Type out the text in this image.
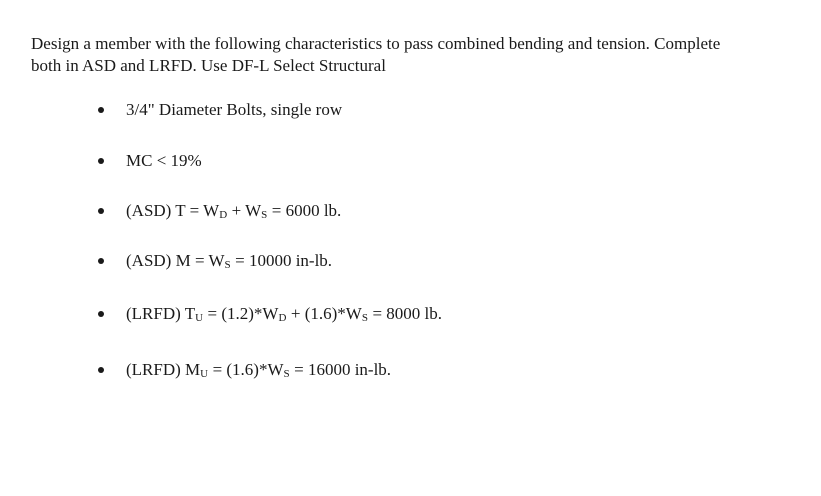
Design a member with the following characteristics to pass combined bending and tension. Complete
both in ASD and LRFD. Use DF-L Select Structural

3/4" Diameter Bolts, single row
MC < 19%
(ASD) T = WD + WS = 6000 lb.
(ASD) M = WS = 10000 in-lb.
(LRFD) TU = (1.2)*WD + (1.6)*WS = 8000 lb.
(LRFD) MU = (1.6)*WS = 16000 in-lb.
